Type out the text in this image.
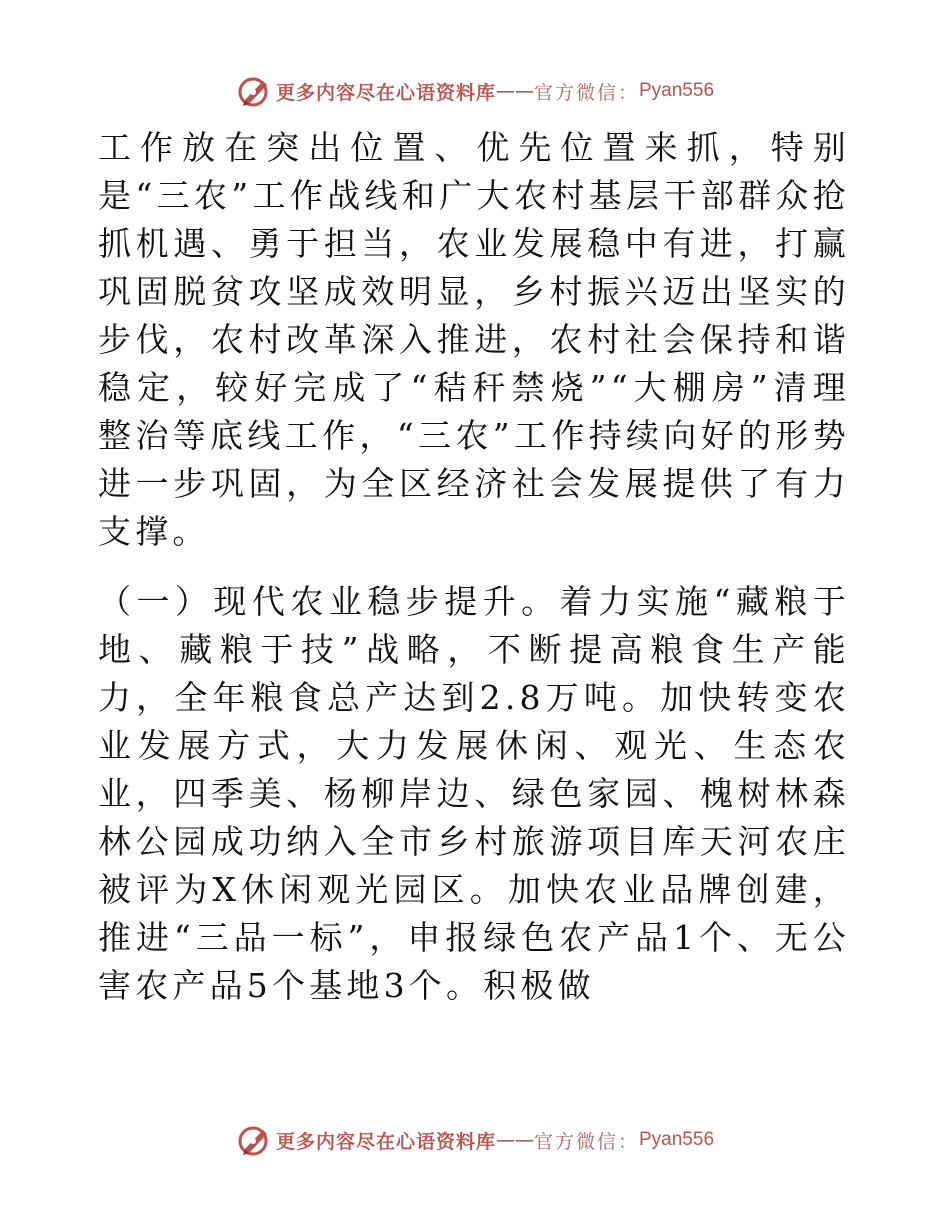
更多内容尽在心语资料库 —— 官方微信： Pyan556

工作放在突出位置、优先位置来抓，特别是“三农”工作战线和广大农村基层干部群众抢抓机遇、勇于担当，农业发展稳中有进，打赢巩固脱贫攻坚成效明显，乡村振兴迈出坚实的步伐，农村改革深入推进，农村社会保持和谐稳定，较好完成了“秸秆禁烧”“大棚房”清理整治等底线工作，“三农”工作持续向好的形势进一步巩固，为全区经济社会发展提供了有力支撑。

（一）现代农业稳步提升。着力实施“藏粮于地、藏粮于技”战略，不断提高粮食生产能力，全年粮食总产达到2.8万吨。加快转变农业发展方式，大力发展休闲、观光、生态农业，四季美、杨柳岸边、绿色家园、槐树林森林公园成功纳入全市乡村旅游项目库天河农庄被评为X休闲观光园区。加快农业品牌创建，推进“三品一标”，申报绿色农产品1个、无公害农产品5个基地3个。积极做

更多内容尽在心语资料库 —— 官方微信： Pyan556
